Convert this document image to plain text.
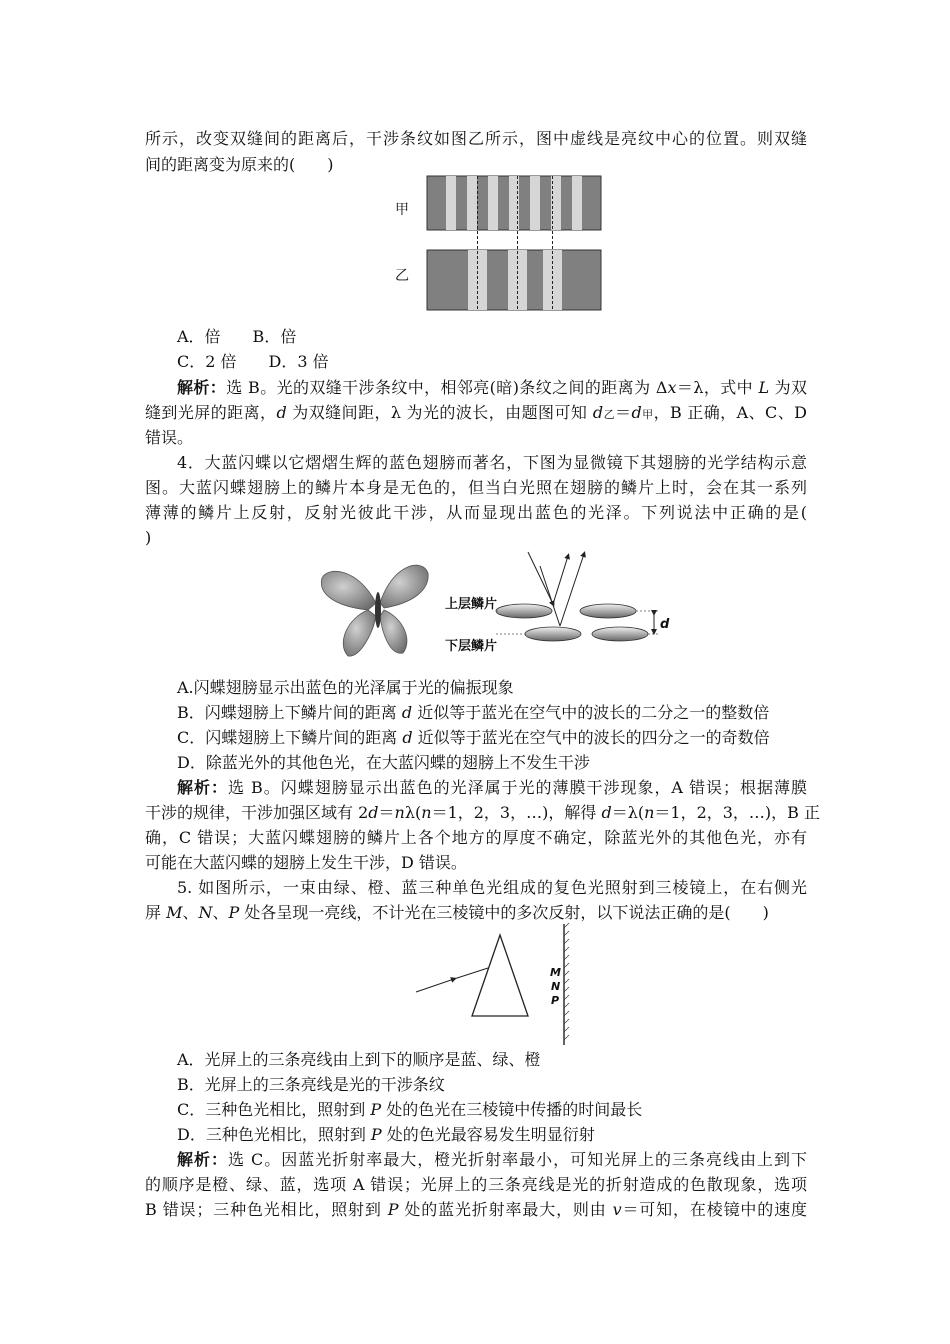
所示，改变双缝间的距离后，干涉条纹如图乙所示，图中虚线是亮纹中心的位置。则双缝
间的距离变为原来的(　　)
甲
乙
A．倍　　B．倍
C．2 倍　　D．3 倍
解析：选 B。光的双缝干涉条纹中，相邻亮(暗)条纹之间的距离为 Δx＝λ，式中 L 为双
缝到光屏的距离，d 为双缝间距，λ 为光的波长，由题图可知 d乙＝d甲，B 正确，A、C、D
错误。
4．大蓝闪蝶以它熠熠生辉的蓝色翅膀而著名，下图为显微镜下其翅膀的光学结构示意
图。大蓝闪蝶翅膀上的鳞片本身是无色的，但当白光照在翅膀的鳞片上时，会在其一系列
薄薄的鳞片上反射，反射光彼此干涉，从而显现出蓝色的光泽。下列说法中正确的是(
)
上层鳞片
下层鳞片
d
A.闪蝶翅膀显示出蓝色的光泽属于光的偏振现象
B．闪蝶翅膀上下鳞片间的距离 d 近似等于蓝光在空气中的波长的二分之一的整数倍
C．闪蝶翅膀上下鳞片间的距离 d 近似等于蓝光在空气中的波长的四分之一的奇数倍
D．除蓝光外的其他色光，在大蓝闪蝶的翅膀上不发生干涉
解析：选 B。闪蝶翅膀显示出蓝色的光泽属于光的薄膜干涉现象，A 错误；根据薄膜
干涉的规律，干涉加强区域有 2d＝nλ(n＝1，2，3，…)，解得 d＝λ(n＝1，2，3，…)，B 正
确，C 错误；大蓝闪蝶翅膀的鳞片上各个地方的厚度不确定，除蓝光外的其他色光，亦有
可能在大蓝闪蝶的翅膀上发生干涉，D 错误。
5. 如图所示，一束由绿、橙、蓝三种单色光组成的复色光照射到三棱镜上，在右侧光
屏 M、N、P 处各呈现一亮线，不计光在三棱镜中的多次反射，以下说法正确的是(　　)
M
N
P
A．光屏上的三条亮线由上到下的顺序是蓝、绿、橙
B．光屏上的三条亮线是光的干涉条纹
C．三种色光相比，照射到 P 处的色光在三棱镜中传播的时间最长
D．三种色光相比，照射到 P 处的色光最容易发生明显衍射
解析：选 C。因蓝光折射率最大，橙光折射率最小，可知光屏上的三条亮线由上到下
的顺序是橙、绿、蓝，选项 A 错误；光屏上的三条亮线是光的折射造成的色散现象，选项
B 错误；三种色光相比，照射到 P 处的蓝光折射率最大，则由 v＝可知，在棱镜中的速度
